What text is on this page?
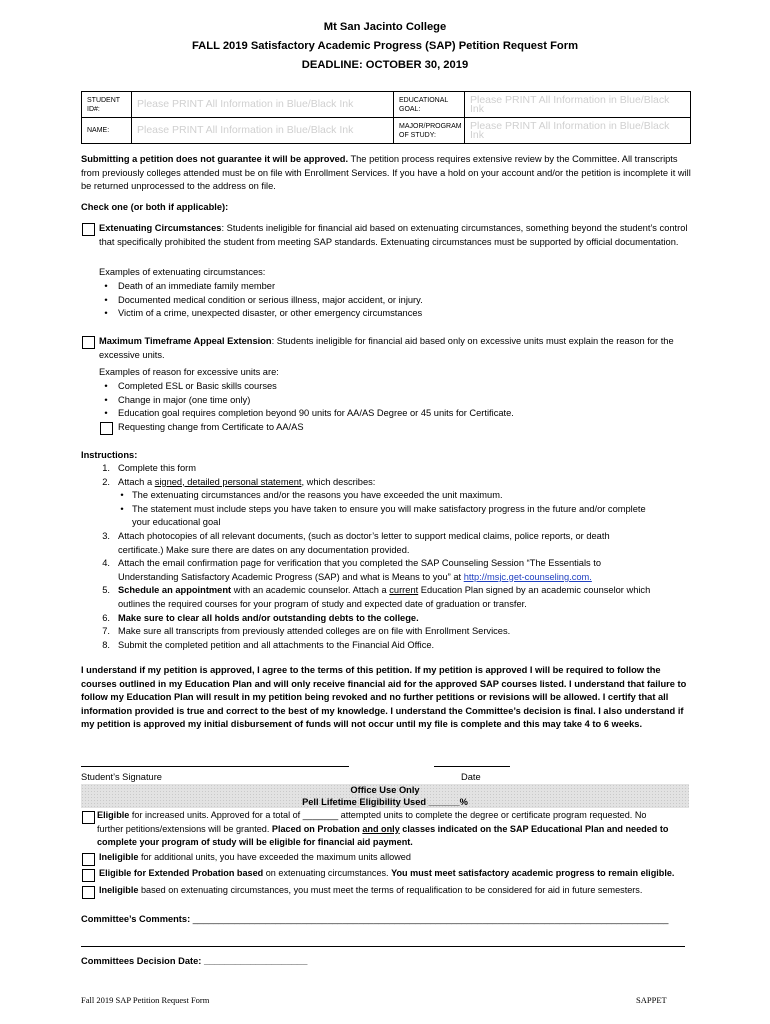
Mt San Jacinto College
FALL 2019 Satisfactory Academic Progress (SAP) Petition Request Form
DEADLINE: OCTOBER 30, 2019
STUDENT ID#:	Please PRINT All Information in Blue/Black Ink	EDUCATIONAL GOAL:	Please PRINT All Information in Blue/Black Ink
NAME:	Please PRINT All Information in Blue/Black Ink	MAJOR/PROGRAM OF STUDY:	Please PRINT All Information in Blue/Black Ink
Submitting a petition does not guarantee it will be approved. The petition process requires extensive review by the Committee. All transcripts from previously colleges attended must be on file with Enrollment Services. If you have a hold on your account and/or the petition is incomplete it will be returned unprocessed to the address on file.
Check one (or both if applicable):
Extenuating Circumstances: Students ineligible for financial aid based on extenuating circumstances, something beyond the student’s control that specifically prohibited the student from meeting SAP standards. Extenuating circumstances must be supported by official documentation.
Examples of extenuating circumstances:
• Death of an immediate family member
• Documented medical condition or serious illness, major accident, or injury.
• Victim of a crime, unexpected disaster, or other emergency circumstances
Maximum Timeframe Appeal Extension: Students ineligible for financial aid based only on excessive units must explain the reason for the excessive units.
Examples of reason for excessive units are:
• Completed ESL or Basic skills courses
• Change in major (one time only)
• Education goal requires completion beyond 90 units for AA/AS Degree or 45 units for Certificate.
Requesting change from Certificate to AA/AS
Instructions:
1. Complete this form
2. Attach a signed, detailed personal statement, which describes:
• The extenuating circumstances and/or the reasons you have exceeded the unit maximum.
• The statement must include steps you have taken to ensure you will make satisfactory progress in the future and/or complete
your educational goal
3. Attach photocopies of all relevant documents, (such as doctor’s letter to support medical claims, police reports, or death
certificate.) Make sure there are dates on any documentation provided.
4. Attach the email confirmation page for verification that you completed the SAP Counseling Session “The Essentials to
Understanding Satisfactory Academic Progress (SAP) and what is Means to you” at http://msjc.get-counseling.com.
5. Schedule an appointment with an academic counselor. Attach a current Education Plan signed by an academic counselor which
outlines the required courses for your program of study and expected date of graduation or transfer.
6. Make sure to clear all holds and/or outstanding debts to the college.
7. Make sure all transcripts from previously attended colleges are on file with Enrollment Services.
8. Submit the completed petition and all attachments to the Financial Aid Office.
I understand if my petition is approved, I agree to the terms of this petition. If my petition is approved I will be required to follow the courses outlined in my Education Plan and will only receive financial aid for the approved SAP courses listed. I understand that failure to follow my Education Plan will result in my petition being revoked and no further petitions or revisions will be allowed. I certify that all information provided is true and correct to the best of my knowledge. I understand the Committee’s decision is final. I also understand if my petition is approved my initial disbursement of funds will not occur until my file is complete and this may take 4 to 6 weeks.
Student’s Signature	Date
Office Use Only
Pell Lifetime Eligibility Used ______%
Eligible for increased units. Approved for a total of _______ attempted units to complete the degree or certificate program requested. No
further petitions/extensions will be granted. Placed on Probation and only classes indicated on the SAP Educational Plan and needed to
complete your program of study will be eligible for financial aid payment.
Ineligible for additional units, you have exceeded the maximum units allowed
Eligible for Extended Probation based on extenuating circumstances. You must meet satisfactory academic progress to remain eligible.
Ineligible based on extenuating circumstances, you must meet the terms of requalification to be considered for aid in future semesters.
Committee’s Comments: ____________________________________________________________________________________________
Committees Decision Date: ____________________
Fall 2019 SAP Petition Request Form	SAPPET
